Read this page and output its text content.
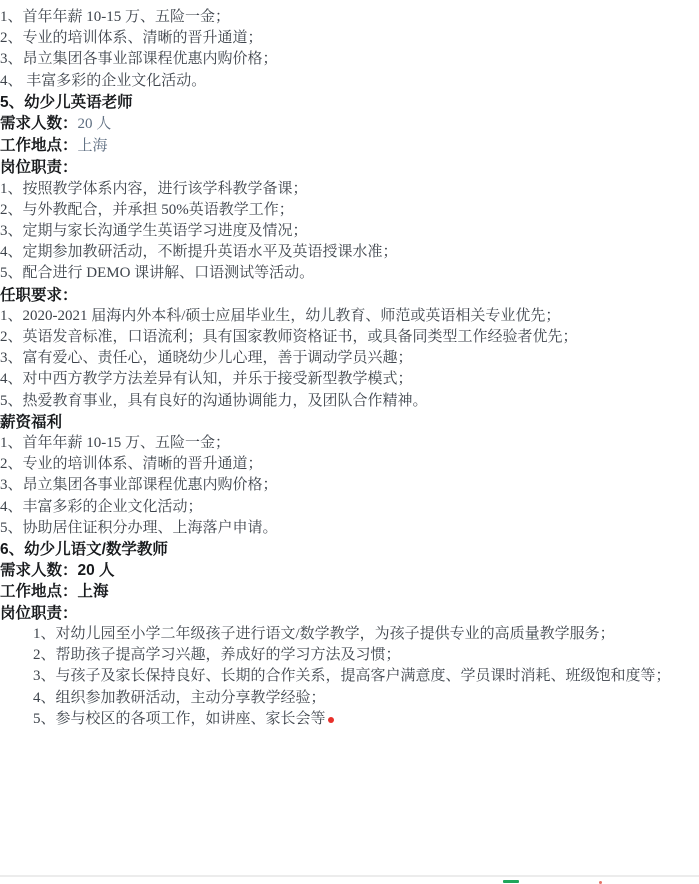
1、首年年薪 10-15 万、五险一金；

2、专业的培训体系、清晰的晋升通道；

3、昂立集团各事业部课程优惠内购价格；

4、 丰富多彩的企业文化活动。

5、幼少儿英语老师

需求人数：20 人

工作地点：上海

岗位职责：

1、按照教学体系内容，进行该学科教学备课；

2、与外教配合，并承担 50%英语教学工作；

3、定期与家长沟通学生英语学习进度及情况；

4、定期参加教研活动，不断提升英语水平及英语授课水准；

5、配合进行 DEMO 课讲解、口语测试等活动。

任职要求：

1、2020-2021 届海内外本科/硕士应届毕业生，幼儿教育、师范或英语相关专业优先；

2、英语发音标准，口语流利；具有国家教师资格证书，或具备同类型工作经验者优先；

3、富有爱心、责任心，通晓幼少儿心理，善于调动学员兴趣；

4、对中西方教学方法差异有认知，并乐于接受新型教学模式；

5、热爱教育事业，具有良好的沟通协调能力，及团队合作精神。

薪资福利

1、首年年薪 10-15 万、五险一金；

2、专业的培训体系、清晰的晋升通道；

3、昂立集团各事业部课程优惠内购价格；

4、丰富多彩的企业文化活动；

5、协助居住证积分办理、上海落户申请。

6、幼少儿语文/数学教师

需求人数：20 人

工作地点：上海

岗位职责：

1、对幼儿园至小学二年级孩子进行语文/数学教学，为孩子提供专业的高质量教学服务；

2、帮助孩子提高学习兴趣，养成好的学习方法及习惯；

3、与孩子及家长保持良好、长期的合作关系，提高客户满意度、学员课时消耗、班级饱和度等；

4、组织参加教研活动，主动分享教学经验；

5、参与校区的各项工作，如讲座、家长会等
